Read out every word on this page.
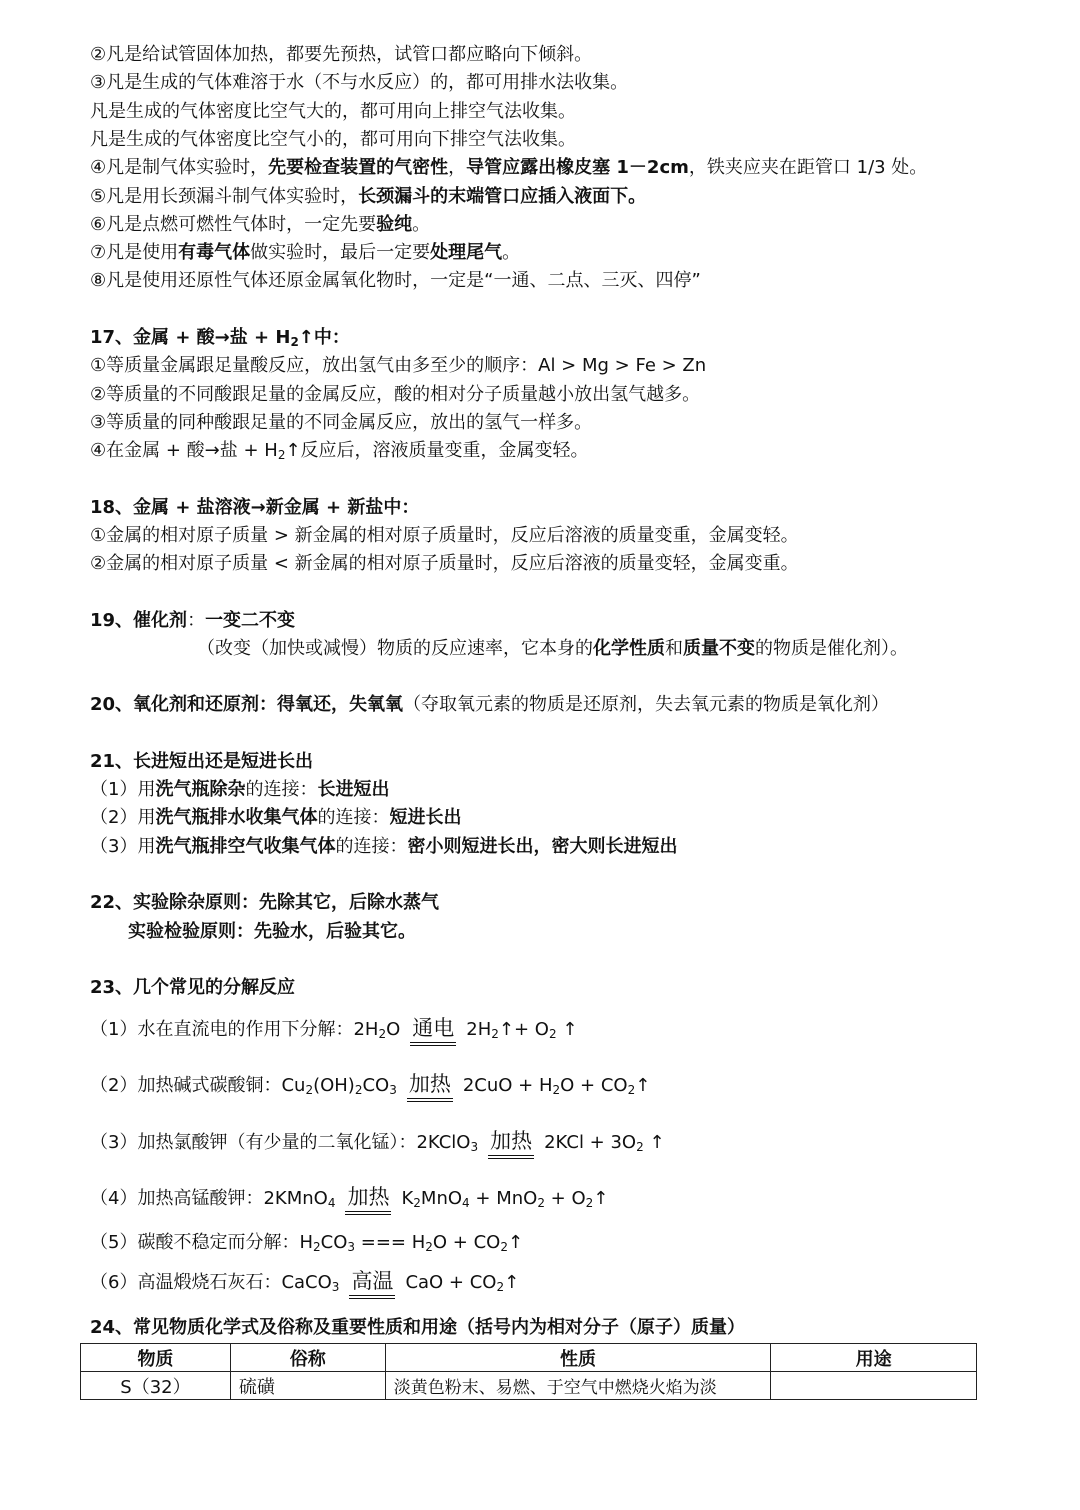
②凡是给试管固体加热，都要先预热，试管口都应略向下倾斜。
③凡是生成的气体难溶于水（不与水反应）的，都可用排水法收集。
凡是生成的气体密度比空气大的，都可用向上排空气法收集。
凡是生成的气体密度比空气小的，都可用向下排空气法收集。
④凡是制气体实验时，先要检查装置的气密性，导管应露出橡皮塞 1－2cm，铁夹应夹在距管口 1/3 处。
⑤凡是用长颈漏斗制气体实验时，长颈漏斗的末端管口应插入液面下。
⑥凡是点燃可燃性气体时，一定先要验纯。
⑦凡是使用有毒气体做实验时，最后一定要处理尾气。
⑧凡是使用还原性气体还原金属氧化物时，一定是“一通、二点、三灭、四停”
17、金属 + 酸→盐 + $H_2↑$中：
①等质量金属跟足量酸反应，放出氢气由多至少的顺序：Al > Mg > Fe > Zn
②等质量的不同酸跟足量的金属反应，酸的相对分子质量越小放出氢气越多。
③等质量的同种酸跟足量的不同金属反应，放出的氢气一样多。
④在金属 + 酸→盐 + $H_2↑$反应后，溶液质量变重，金属变轻。
18、金属 + 盐溶液→新金属 + 新盐中：
①金属的相对原子质量 > 新金属的相对原子质量时，反应后溶液的质量变重，金属变轻。
②金属的相对原子质量 < 新金属的相对原子质量时，反应后溶液的质量变轻，金属变重。
19、催化剂：一变二不变
（改变（加快或减慢）物质的反应速率，它本身的化学性质和质量不变的物质是催化剂）。
20、氧化剂和还原剂：得氧还，失氧氧（夺取氧元素的物质是还原剂，失去氧元素的物质是氧化剂）
21、长进短出还是短进长出
（1）用洗气瓶除杂的连接：长进短出
（2）用洗气瓶排水收集气体的连接：短进长出
（3）用洗气瓶排空气收集气体的连接：密小则短进长出，密大则长进短出
22、实验除杂原则：先除其它，后除水蒸气
实验检验原则：先验水，后验其它。
23、几个常见的分解反应
（1）水在直流电的作用下分解：$2H_2O$ 通电 $2H_2↑+ O_2$ ↑
（2）加热碱式碳酸铜：$Cu_2(OH)_2CO_3$ 加热 $2CuO + H_2O$ + $CO_2↑$
（3）加热氯酸钾（有少量的二氧化锰）：2KClO$_3$ 加热 $2KCl + 3O_2$ ↑
（4）加热高锰酸钾：2KMnO$_4$ 加热 $K_2MnO_4 + MnO_2$ + $O_2↑$
（5）碳酸不稳定而分解：$H_2CO_3$ === $H_2O$ + $CO_2↑$
（6）高温煅烧石灰石：CaCO$_3$ 高温 CaO + $CO_2↑$
24、常见物质化学式及俗称及重要性质和用途（括号内为相对分子（原子）质量）
物质	俗称	性质	用途
S（32）	硫磺	淡黄色粉末、易燃、于空气中燃烧火焰为淡	
